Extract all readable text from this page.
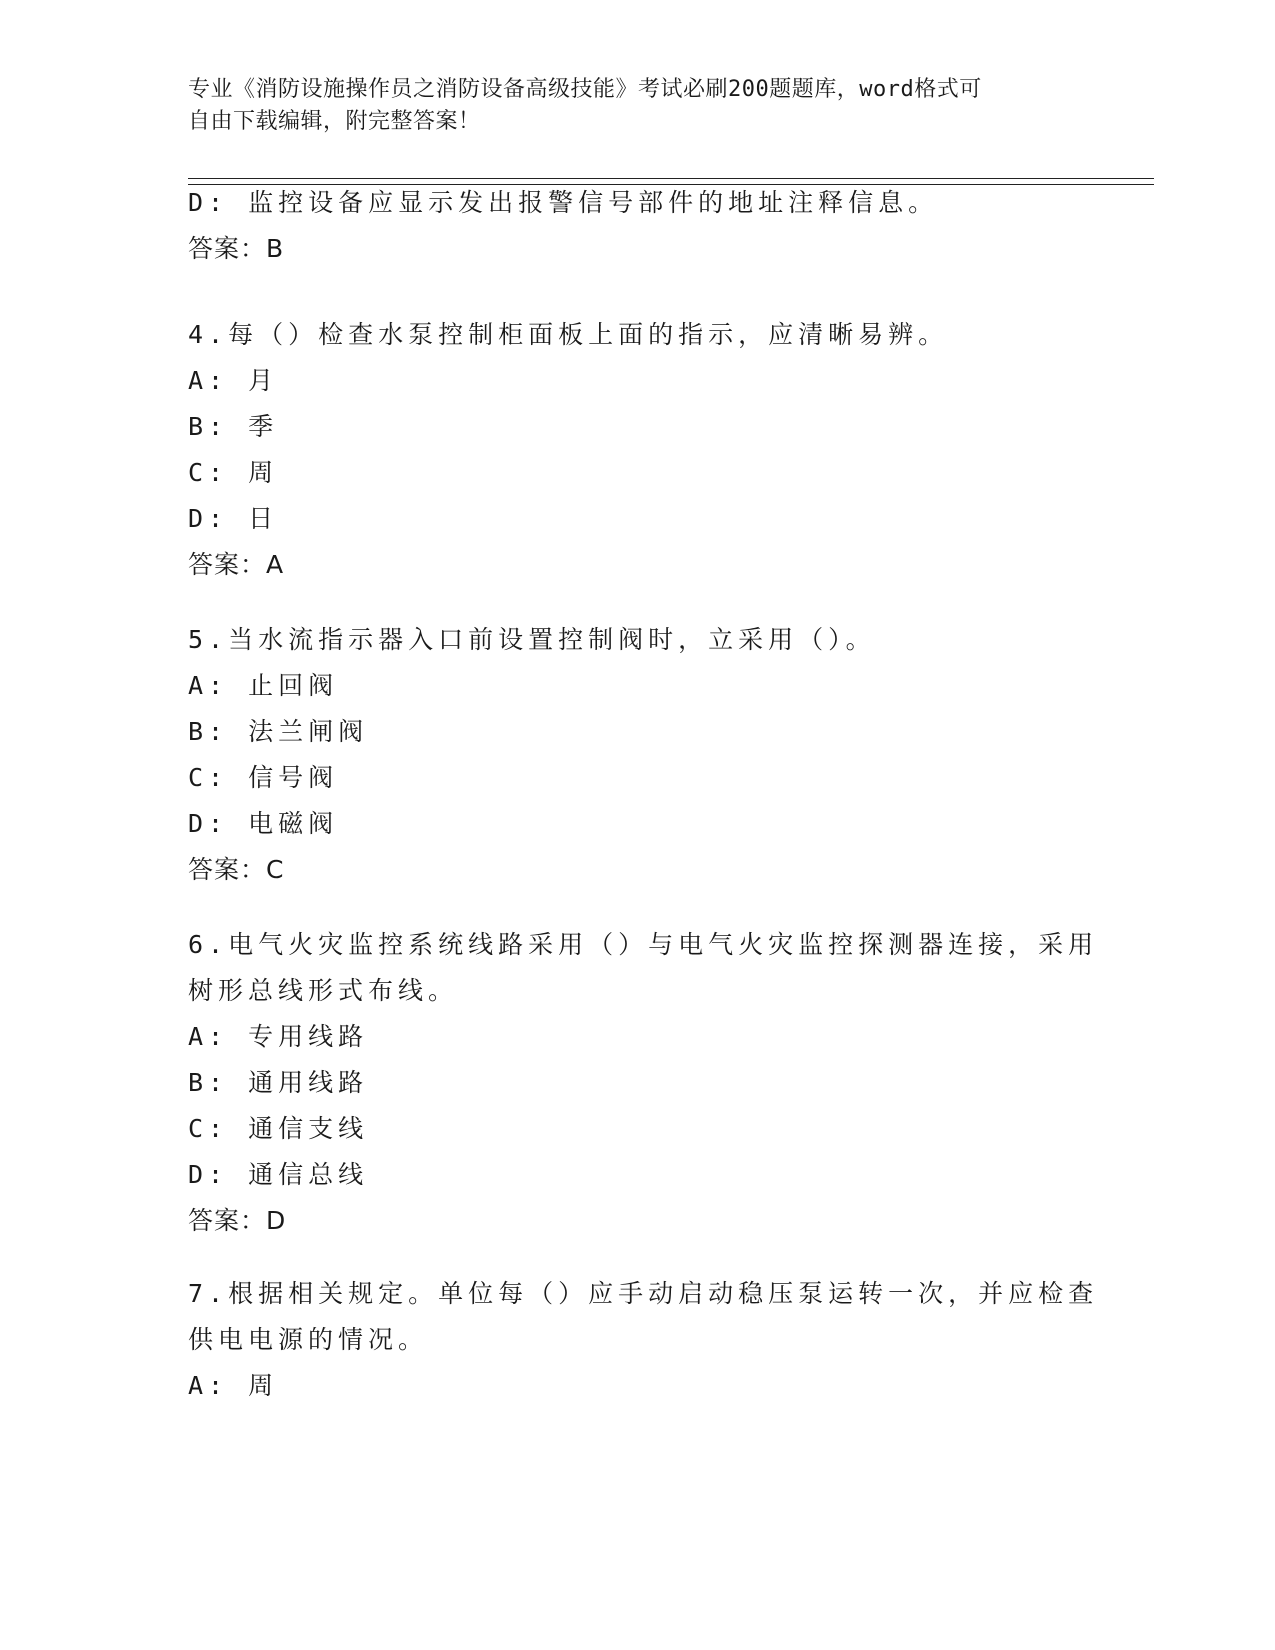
专业《消防设施操作员之消防设备高级技能》考试必刷200题题库，word格式可
自由下载编辑，附完整答案！
D: 监控设备应显示发出报警信号部件的地址注释信息。
答案：B
4.每（）检查水泵控制柜面板上面的指示，应清晰易辨。
A: 月
B: 季
C: 周
D: 日
答案：A
5.当水流指示器入口前设置控制阀时，立采用（）。
A: 止回阀
B: 法兰闸阀
C: 信号阀
D: 电磁阀
答案：C
6.电气火灾监控系统线路采用（）与电气火灾监控探测器连接，采用
树形总线形式布线。
A: 专用线路
B: 通用线路
C: 通信支线
D: 通信总线
答案：D
7.根据相关规定。单位每（）应手动启动稳压泵运转一次，并应检查
供电电源的情况。
A: 周
